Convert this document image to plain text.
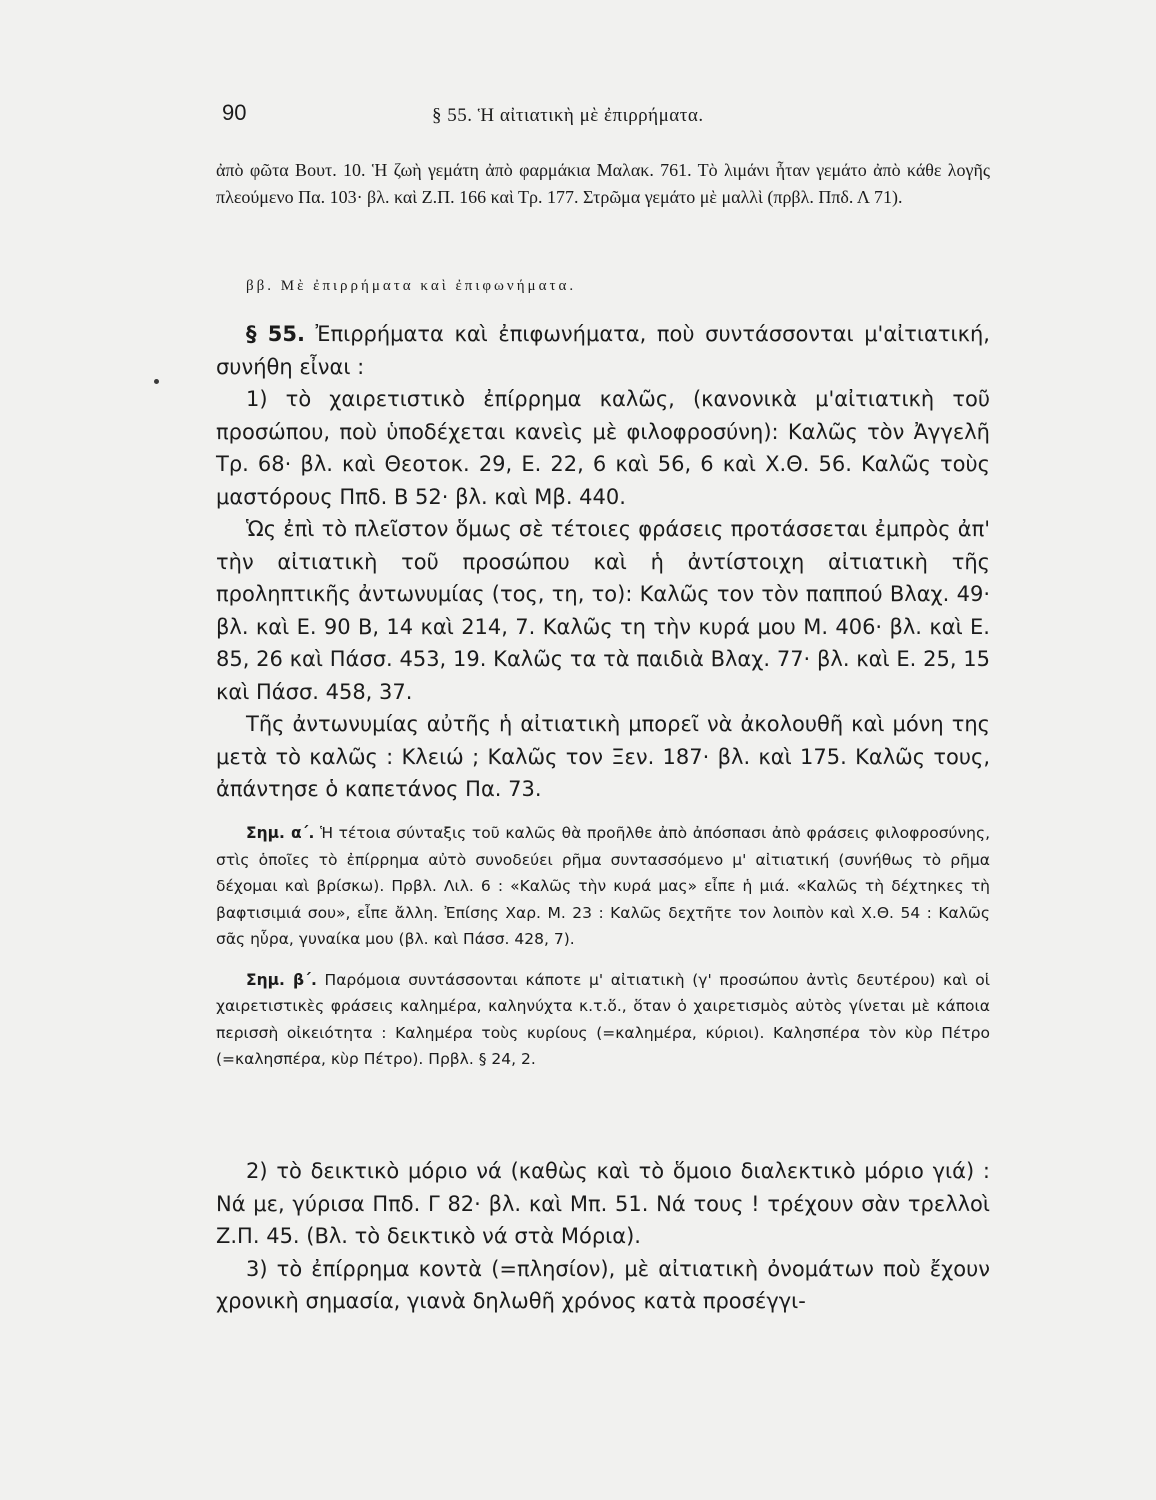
90	§ 55. Ἡ αἰτιατικὴ μὲ ἐπιρρήματα.

ἀπὸ φῶτα Βουτ. 10. Ἡ ζωὴ γεμάτη ἀπὸ φαρμάκια Μαλακ. 761. Τὸ λιμάνι ἦταν γεμάτο ἀπὸ κάθε λογῆς πλεούμενο Πα. 103· βλ. καὶ Ζ.Π. 166 καὶ Τρ. 177. Στρῶμα γεμάτο μὲ μαλλὶ (πρβλ. Ππδ. Λ 71).

ββ. Μὲ ἐπιρρήματα καὶ ἐπιφωνήματα.

§ 55. Ἐπιρρήματα καὶ ἐπιφωνήματα, ποὺ συντάσσονται μ'αἰτιατική, συνήθη εἶναι :

1) τὸ χαιρετιστικὸ ἐπίρρημα καλῶς, (κανονικὰ μ'αἰτιατικὴ τοῦ προσώπου, ποὺ ὑποδέχεται κανεὶς μὲ φιλοφροσύνη): Καλῶς τὸν Ἀγγελῆ Τρ. 68· βλ. καὶ Θεοτοκ. 29, Ε. 22, 6 καὶ 56, 6 καὶ Χ.Θ. 56. Καλῶς τοὺς μαστόρους Ππδ. Β 52· βλ. καὶ Μβ. 440.

Ὡς ἐπὶ τὸ πλεῖστον ὅμως σὲ τέτοιες φράσεις προτάσσεται ἐμπρὸς ἀπ' τὴν αἰτιατικὴ τοῦ προσώπου καὶ ἡ ἀντίστοιχη αἰτιατικὴ τῆς προληπτικῆς ἀντωνυμίας (τος, τη, το): Καλῶς τον τὸν παππού Βλαχ. 49· βλ. καὶ Ε. 90 Β, 14 καὶ 214, 7. Καλῶς τη τὴν κυρά μου Μ. 406· βλ. καὶ Ε. 85, 26 καὶ Πάσσ. 453, 19. Καλῶς τα τὰ παιδιὰ Βλαχ. 77· βλ. καὶ Ε. 25, 15 καὶ Πάσσ. 458, 37.

Τῆς ἀντωνυμίας αὐτῆς ἡ αἰτιατικὴ μπορεῖ νὰ ἀκολουθῆ καὶ μόνη της μετὰ τὸ καλῶς : Κλειώ ; Καλῶς τον Ξεν. 187· βλ. καὶ 175. Καλῶς τους, ἀπάντησε ὁ καπετάνος Πα. 73.

Σημ. α΄. Ἡ τέτοια σύνταξις τοῦ καλῶς θὰ προῆλθε ἀπὸ ἀπόσπασι ἀπὸ φράσεις φιλοφροσύνης, στὶς ὁποῖες τὸ ἐπίρρημα αὐτὸ συνοδεύει ρῆμα συντασσόμενο μ' αἰτιατική (συνήθως τὸ ρῆμα δέχομαι καὶ βρίσκω). Πρβλ. Λιλ. 6 : «Καλῶς τὴν κυρά μας» εἶπε ἡ μιά. «Καλῶς τὴ δέχτηκες τὴ βαφτισιμιά σου», εἶπε ἄλλη. Ἐπίσης Χαρ. Μ. 23 : Καλῶς δεχτῆτε τον λοιπὸν καὶ Χ.Θ. 54 : Καλῶς σᾶς ηὗρα, γυναίκα μου (βλ. καὶ Πάσσ. 428, 7).

Σημ. β΄. Παρόμοια συντάσσονται κάποτε μ' αἰτιατικὴ (γ' προσώπου ἀντὶς δευτέρου) καὶ οἱ χαιρετιστικὲς φράσεις καλημέρα, καληνύχτα κ.τ.ὅ., ὅταν ὁ χαιρετισμὸς αὐτὸς γίνεται μὲ κάποια περισσὴ οἰκειότητα : Καλημέρα τοὺς κυρίους (=καλημέρα, κύριοι). Καλησπέρα τὸν κὺρ Πέτρο (=καλησπέρα, κὺρ Πέτρο). Πρβλ. § 24, 2.

2) τὸ δεικτικὸ μόριο νά (καθὼς καὶ τὸ ὅμοιο διαλεκτικὸ μόριο γιά) : Νά με, γύρισα Ππδ. Γ 82· βλ. καὶ Μπ. 51. Νά τους ! τρέχουν σὰν τρελλοὶ Ζ.Π. 45. (Βλ. τὸ δεικτικὸ νά στὰ Μόρια).

3) τὸ ἐπίρρημα κοντὰ (=πλησίον), μὲ αἰτιατικὴ ὀνομάτων ποὺ ἔχουν χρονικὴ σημασία, γιανὰ δηλωθῆ χρόνος κατὰ προσέγγι-
